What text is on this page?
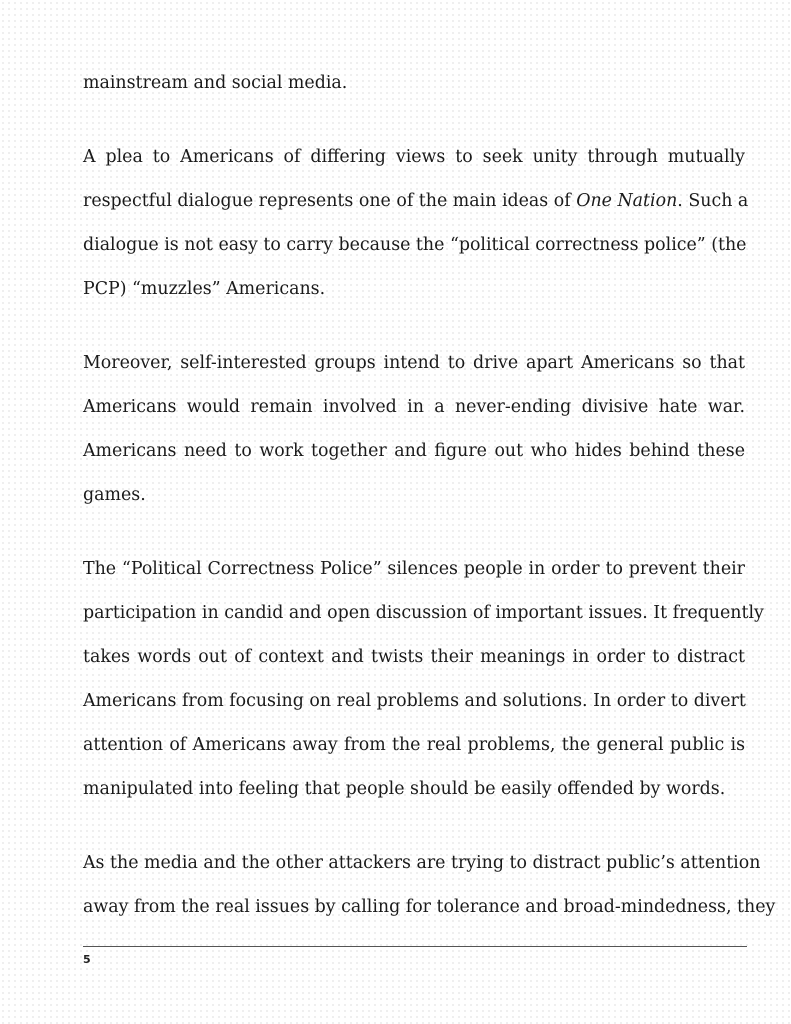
mainstream and social media.
A plea to Americans of differing views to seek unity through mutually
respectful dialogue represents one of the main ideas of One Nation. Such a
dialogue is not easy to carry because the “political correctness police” (the
PCP) “muzzles” Americans.
Moreover, self-interested groups intend to drive apart Americans so that
Americans would remain involved in a never-ending divisive hate war.
Americans need to work together and figure out who hides behind these
games.
The “Political Correctness Police” silences people in order to prevent their
participation in candid and open discussion of important issues. It frequently
takes words out of context and twists their meanings in order to distract
Americans from focusing on real problems and solutions. In order to divert
attention of Americans away from the real problems, the general public is
manipulated into feeling that people should be easily offended by words.
As the media and the other attackers are trying to distract public’s attention
away from the real issues by calling for tolerance and broad-mindedness, they
5
